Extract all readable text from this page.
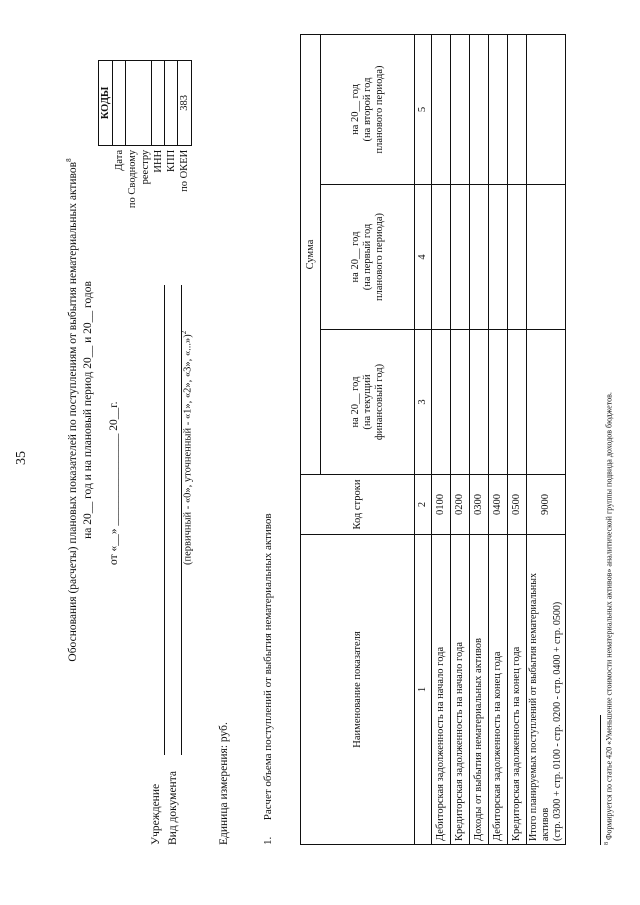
35	Обоснования (расчеты) плановых показателей по поступлениям от выбытия нематериальных активов$^8$
на 20__ год и на плановый период 20__ и 20__ годов от «__» ________________ 20__г.
Учреждение Вид документа
(первичный - «0», уточненный - «1», «2», «3», «...»)$^2$
Единица измерения: руб.
	КОДЫ
Дата	
по Сводному	
реестру	
ИНН	
КПП	
по ОКЕИ	383
1.      Расчет объема поступлений от выбытия нематериальных активов	Наименование показателя	Код строки	Сумма		
		на 20__ год
(на текущий
финансовый год)	на 20__ год
(на первый год
планового периода)	на 20__ год
(на второй год
планового периода)
1	2	3	4	5
Дебиторская задолженность на начало года	0100			
Кредиторская задолженность на начало года	0200			
Доходы от выбытия нематериальных активов	0300			
Дебиторская задолженность на конец года	0400			
Кредиторская задолженность на конец года	0500			
Итого планируемых поступлений от выбытия нематериальных активов
(стр. 0300 + стр. 0100 - стр. 0200 - стр. 0400 + стр. 0500)	9000			
$^8$ Формируется по статье 420 «Уменьшение стоимости нематериальных активов» аналитической группы подвида доходов бюджетов.
